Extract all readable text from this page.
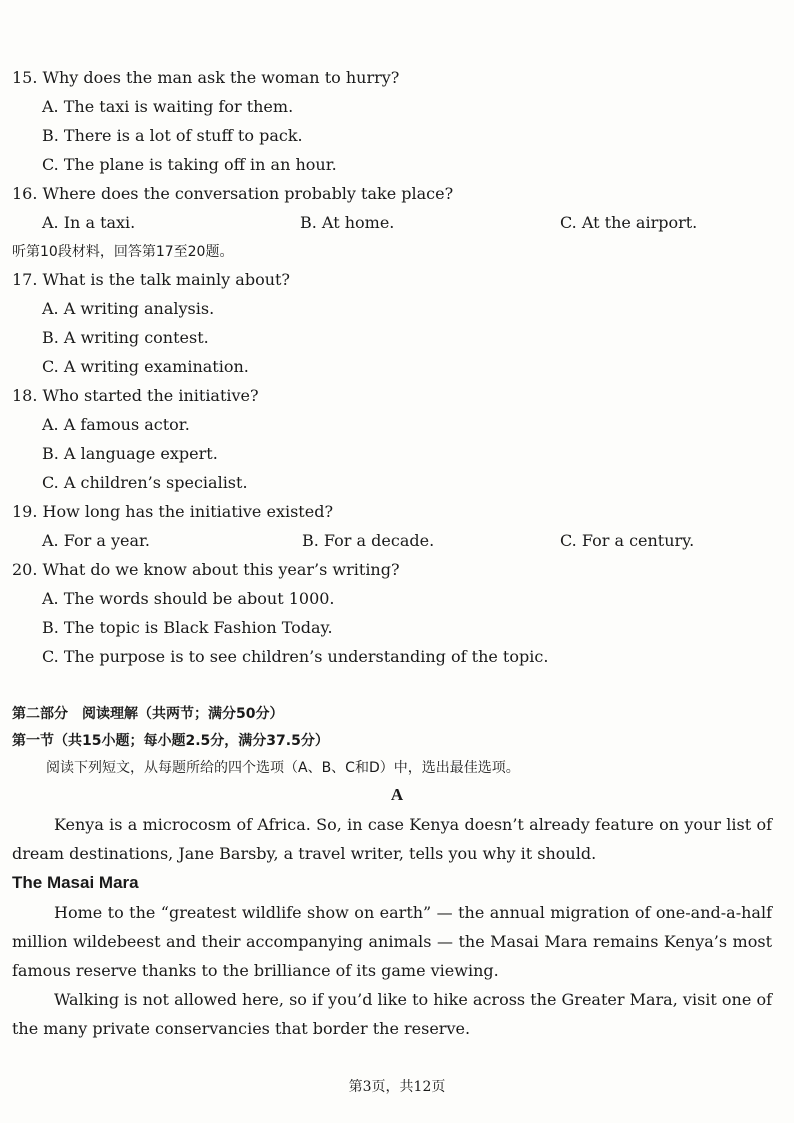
15. Why does the man ask the woman to hurry?
A. The taxi is waiting for them.
B. There is a lot of stuff to pack.
C. The plane is taking off in an hour.
16. Where does the conversation probably take place?
A. In a taxi.	B. At home.	C. At the airport.
听第10段材料，回答第17至20题。
17. What is the talk mainly about?
A. A writing analysis.
B. A writing contest.
C. A writing examination.
18. Who started the initiative?
A. A famous actor.
B. A language expert.
C. A children’s specialist.
19. How long has the initiative existed?
A. For a year.	B. For a decade.	C. For a century.
20. What do we know about this year’s writing?
A. The words should be about 1000.
B. The topic is Black Fashion Today.
C. The purpose is to see children’s understanding of the topic.
第二部分　阅读理解（共两节；满分50分）
第一节（共15小题；每小题2.5分，满分37.5分）
阅读下列短文，从每题所给的四个选项（A、B、C和D）中，选出最佳选项。
A
Kenya is a microcosm of Africa. So, in case Kenya doesn’t already feature on your list of dream destinations, Jane Barsby, a travel writer, tells you why it should.
The Masai Mara
Home to the “greatest wildlife show on earth” — the annual migration of one-and-a-half million wildebeest and their accompanying animals — the Masai Mara remains Kenya’s most famous reserve thanks to the brilliance of its game viewing.
Walking is not allowed here, so if you’d like to hike across the Greater Mara, visit one of the many private conservancies that border the reserve.
第3页，共12页
